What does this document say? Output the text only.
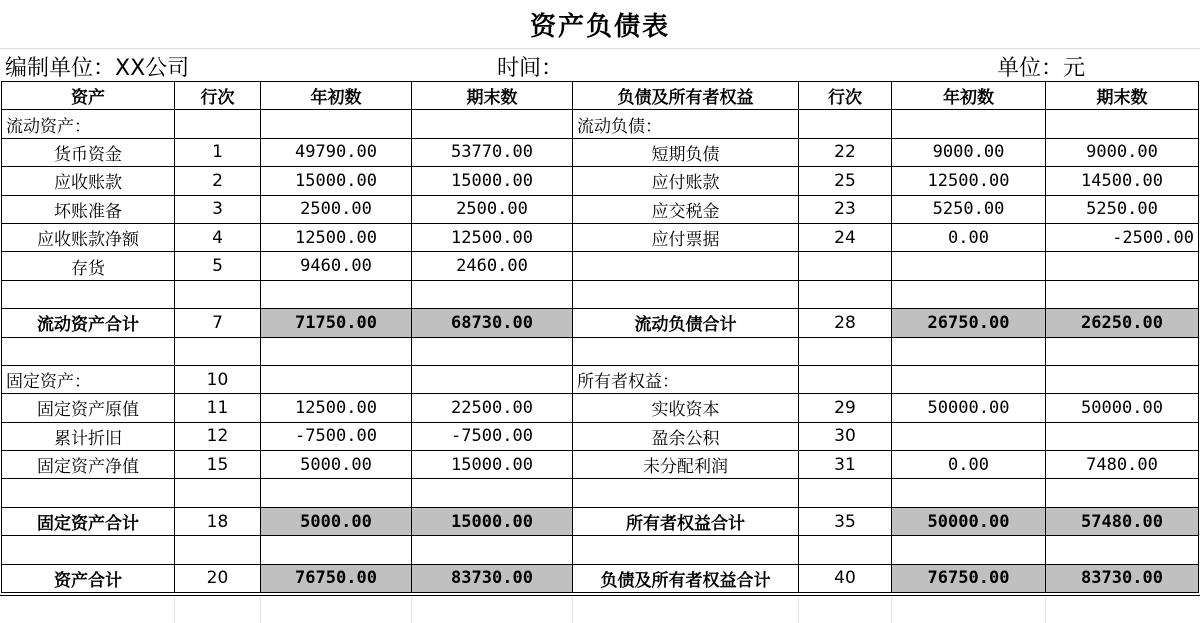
资产负债表
编制单位：XX公司	时间：	单位：元
资产	行次	年初数	期末数	负债及所有者权益	行次	年初数	期末数
流动资产：				流动负债：			
货币资金	1	49790.00	53770.00	短期负债	22	9000.00	9000.00
应收账款	2	15000.00	15000.00	应付账款	25	12500.00	14500.00
坏账准备	3	2500.00	2500.00	应交税金	23	5250.00	5250.00
应收账款净额	4	12500.00	12500.00	应付票据	24	0.00	-2500.00
存货	5	9460.00	2460.00				

流动资产合计	7	71750.00	68730.00	流动负债合计	28	26750.00	26250.00

固定资产：	10			所有者权益：			
固定资产原值	11	12500.00	22500.00	实收资本	29	50000.00	50000.00
累计折旧	12	-7500.00	-7500.00	盈余公积	30		
固定资产净值	15	5000.00	15000.00	未分配利润	31	0.00	7480.00

固定资产合计	18	5000.00	15000.00	所有者权益合计	35	50000.00	57480.00

资产合计	20	76750.00	83730.00	负债及所有者权益合计	40	76750.00	83730.00
